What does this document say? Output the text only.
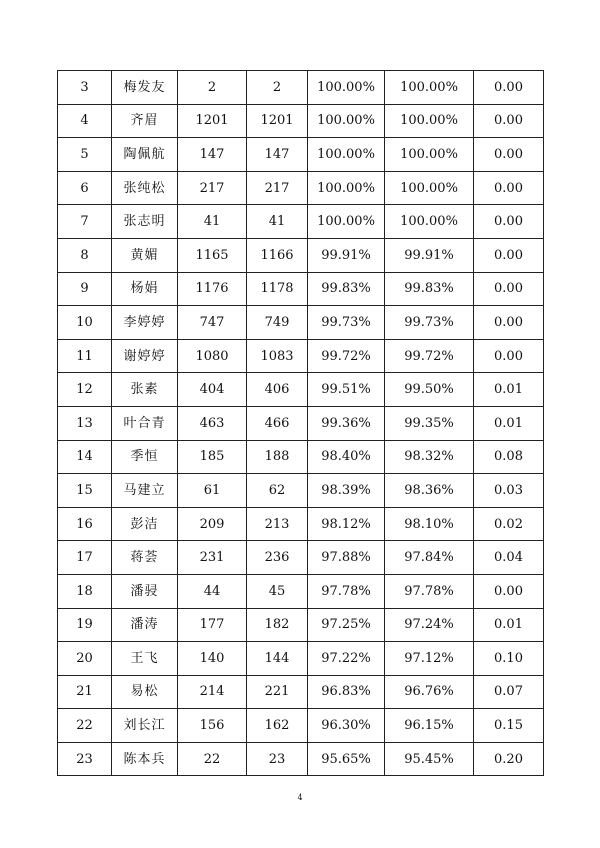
3	梅发友	2	2	100.00%	100.00%	0.00
4	齐眉	1201	1201	100.00%	100.00%	0.00
5	陶佩航	147	147	100.00%	100.00%	0.00
6	张纯松	217	217	100.00%	100.00%	0.00
7	张志明	41	41	100.00%	100.00%	0.00
8	黄媚	1165	1166	99.91%	99.91%	0.00
9	杨娟	1176	1178	99.83%	99.83%	0.00
10	李婷婷	747	749	99.73%	99.73%	0.00
11	谢婷婷	1080	1083	99.72%	99.72%	0.00
12	张素	404	406	99.51%	99.50%	0.01
13	叶合青	463	466	99.36%	99.35%	0.01
14	季恒	185	188	98.40%	98.32%	0.08
15	马建立	61	62	98.39%	98.36%	0.03
16	彭洁	209	213	98.12%	98.10%	0.02
17	蒋荟	231	236	97.88%	97.84%	0.04
18	潘骎	44	45	97.78%	97.78%	0.00
19	潘涛	177	182	97.25%	97.24%	0.01
20	王飞	140	144	97.22%	97.12%	0.10
21	易松	214	221	96.83%	96.76%	0.07
22	刘长江	156	162	96.30%	96.15%	0.15
23	陈本兵	22	23	95.65%	95.45%	0.20
4
